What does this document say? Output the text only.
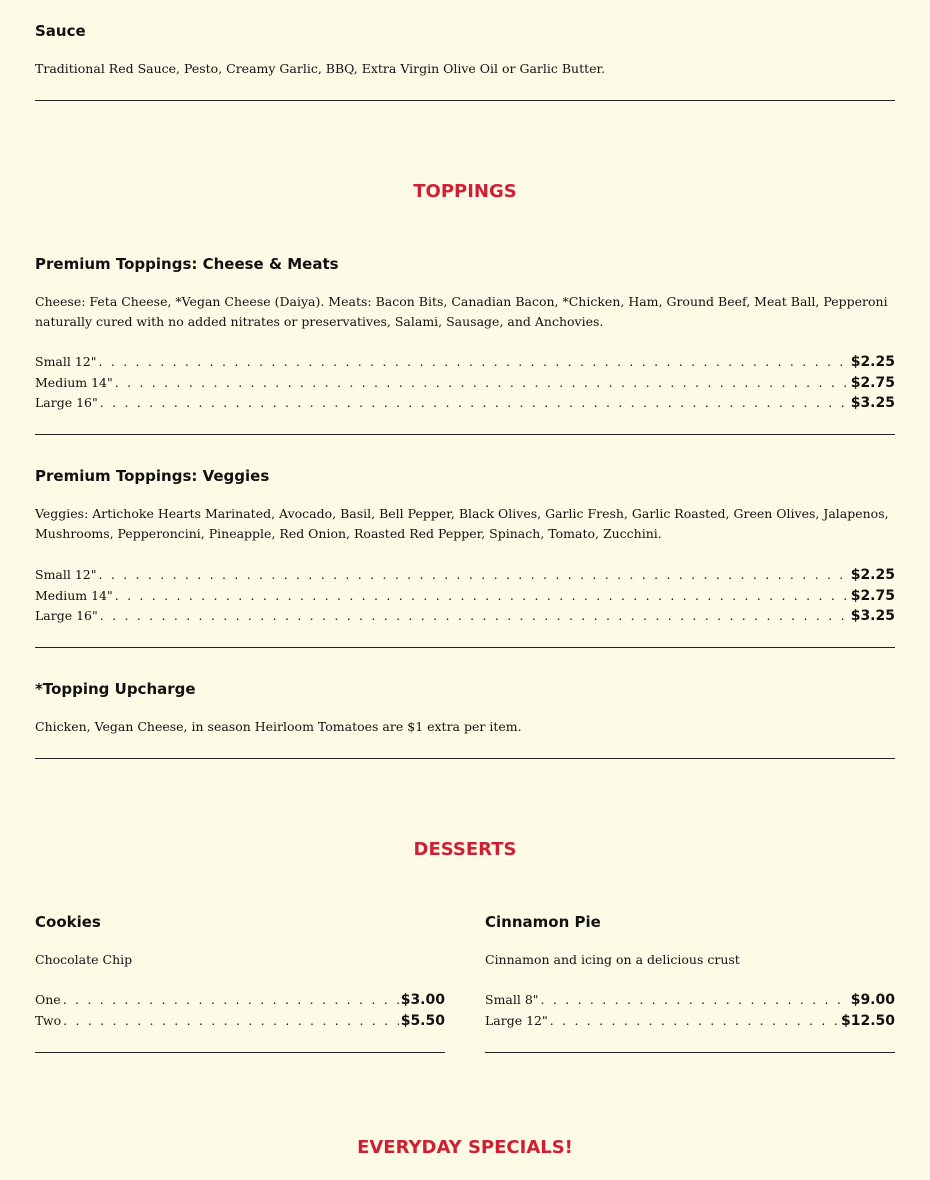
Sauce

Traditional Red Sauce, Pesto, Creamy Garlic, BBQ, Extra Virgin Olive Oil or Garlic Butter.

TOPPINGS
Premium Toppings: Cheese & Meats

Cheese: Feta Cheese, *Vegan Cheese (Daiya). Meats: Bacon Bits, Canadian Bacon, *Chicken, Ham, Ground Beef, Meat Ball, Pepperoni naturally cured with no added nitrates or preservatives, Salami, Sausage, and Anchovies.

Small 12" . . .	$2.25
Medium 14" . . .	$2.75
Large 16" . . .	$3.25
Premium Toppings: Veggies

Veggies: Artichoke Hearts Marinated, Avocado, Basil, Bell Pepper, Black Olives, Garlic Fresh, Garlic Roasted, Green Olives, Jalapenos, Mushrooms, Pepperoncini, Pineapple, Red Onion, Roasted Red Pepper, Spinach, Tomato, Zucchini.

Small 12" . . .	$2.25
Medium 14" . . .	$2.75
Large 16" . . .	$3.25
*Topping Upcharge

Chicken, Vegan Cheese, in season Heirloom Tomatoes are $1 extra per item.

DESSERTS
Cookies

Chocolate Chip

One . . .	$3.00
Two . . .	$5.50
Cinnamon Pie

Cinnamon and icing on a delicious crust

Small 8" . . .	$9.00
Large 12" . . .	$12.50
EVERYDAY SPECIALS!
